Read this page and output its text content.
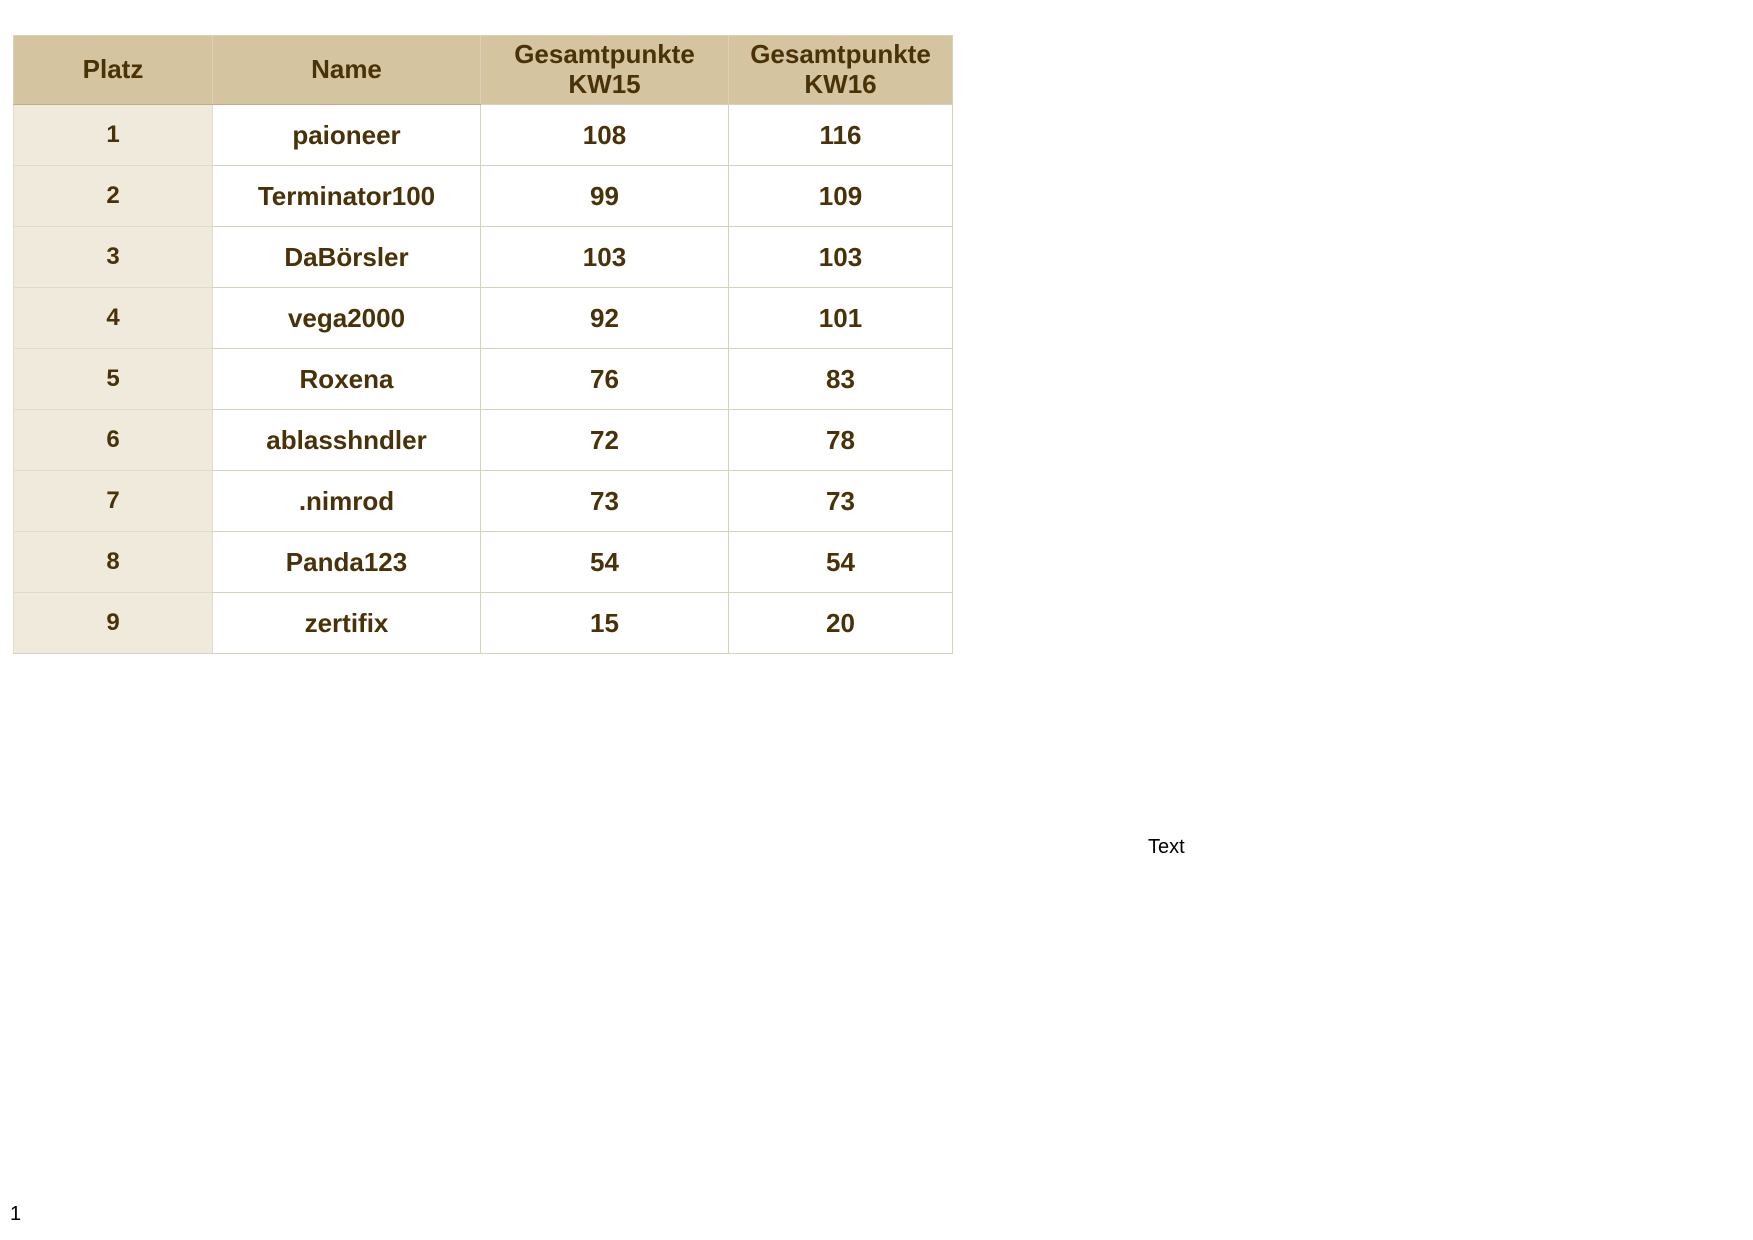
Platz	Name	Gesamtpunkte KW15	Gesamtpunkte KW16
1	paioneer	108	116
2	Terminator100	99	109
3	DaBörsler	103	103
4	vega2000	92	101
5	Roxena	76	83
6	ablasshndler	72	78
7	.nimrod	73	73
8	Panda123	54	54
9	zertifix	15	20
Text
1
